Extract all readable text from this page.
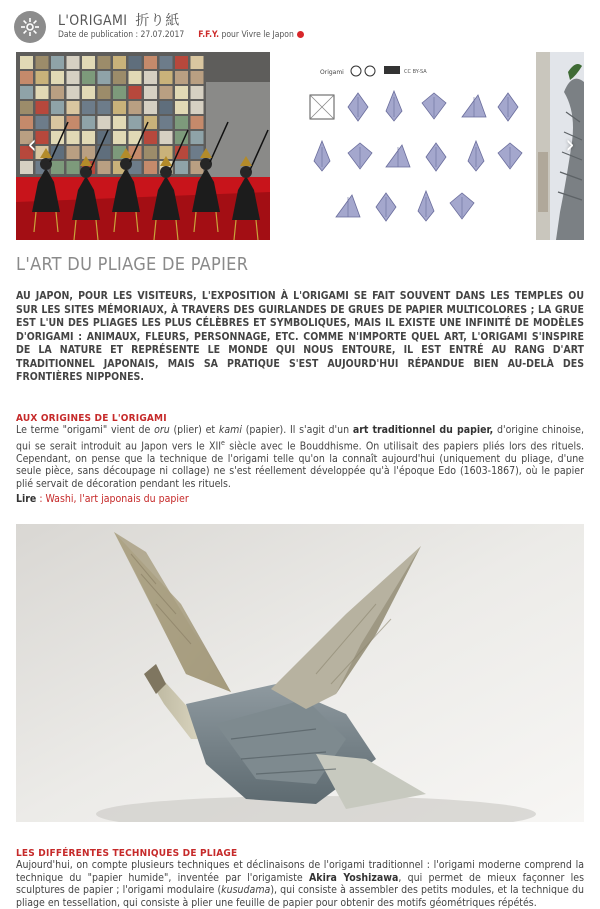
L'ORIGAMI 折り紙
Date de publication : 27.07.2017 F.F.Y. pour Vivre le Japon
Origami	CC BY-SA
‹	›
L'ART DU PLIAGE DE PAPIER

AU JAPON, POUR LES VISITEURS, L'EXPOSITION À L'ORIGAMI SE FAIT SOUVENT DANS LES TEMPLES OU SUR LES SITES MÉMORIAUX, À TRAVERS DES GUIRLANDES DE GRUES DE PAPIER MULTICOLORES ; LA GRUE EST L'UN DES PLIAGES LES PLUS CÉLÈBRES ET SYMBOLIQUES, MAIS IL EXISTE UNE INFINITÉ DE MODÈLES D'ORIGAMI : ANIMAUX, FLEURS, PERSONNAGE, ETC. COMME N'IMPORTE QUEL ART, L'ORIGAMI S'INSPIRE DE LA NATURE ET REPRÉSENTE LE MONDE QUI NOUS ENTOURE, IL EST ENTRÉ AU RANG D'ART TRADITIONNEL JAPONAIS, MAIS SA PRATIQUE S'EST AUJOURD'HUI RÉPANDUE BIEN AU-DELÀ DES FRONTIÈRES NIPPONES.

AUX ORIGINES DE L'ORIGAMI

Le terme "origami" vient de oru (plier) et kami (papier). Il s'agit d'un art traditionnel du papier, d'origine chinoise, qui se serait introduit au Japon vers le XIIe siècle avec le Bouddhisme. On utilisait des papiers pliés lors des rituels. Cependant, on pense que la technique de l'origami telle qu'on la connaît aujourd'hui (uniquement du pliage, d'une seule pièce, sans découpage ni collage) ne s'est réellement développée qu'à l'époque Edo (1603-1867), où le papier plié servait de décoration pendant les rituels.

Lire : Washi, l'art japonais du papier
LES DIFFÉRENTES TECHNIQUES DE PLIAGE

Aujourd'hui, on compte plusieurs techniques et déclinaisons de l'origami traditionnel : l'origami moderne comprend la technique du "papier humide", inventée par l'origamiste Akira Yoshizawa, qui permet de mieux façonner les sculptures de papier ; l'origami modulaire (kusudama), qui consiste à assembler des petits modules, et la technique du pliage en tessellation, qui consiste à plier une feuille de papier pour obtenir des motifs géométriques répétés.
